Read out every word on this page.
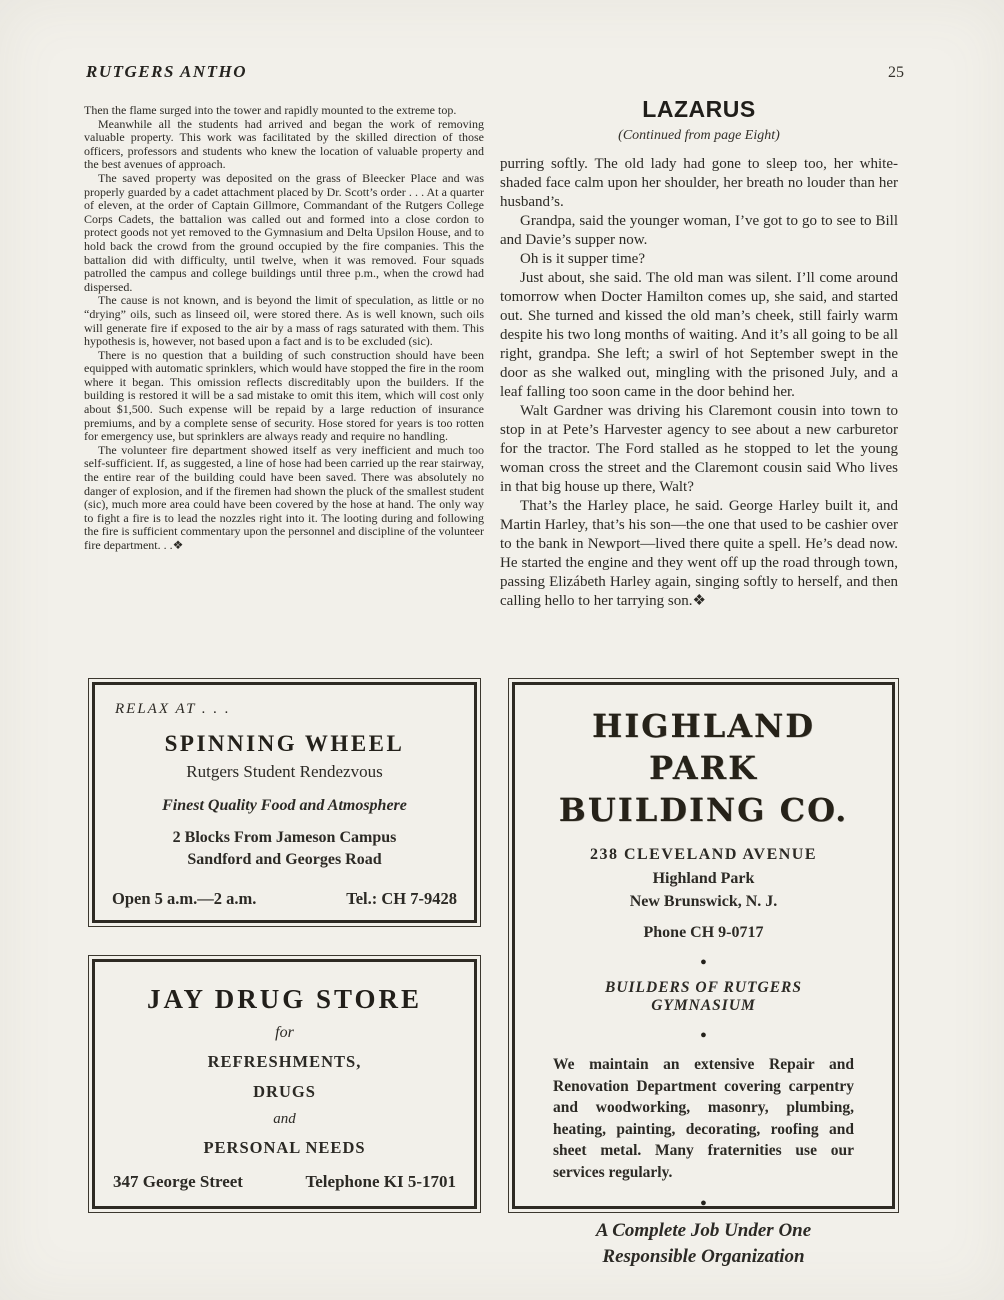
RUTGERS ANTHO	25

Then the flame surged into the tower and rapidly mounted to the extreme top.

Meanwhile all the students had arrived and began the work of removing valuable property. This work was facilitated by the skilled direction of those officers, professors and students who knew the location of valuable property and the best avenues of approach.

The saved property was deposited on the grass of Bleecker Place and was properly guarded by a cadet attachment placed by Dr. Scott’s order . . . At a quarter of eleven, at the order of Captain Gillmore, Commandant of the Rutgers College Corps Cadets, the battalion was called out and formed into a close cordon to protect goods not yet removed to the Gymnasium and Delta Upsilon House, and to hold back the crowd from the ground occupied by the fire companies. This the battalion did with difficulty, until twelve, when it was removed. Four squads patrolled the campus and college buildings until three p.m., when the crowd had dispersed.

The cause is not known, and is beyond the limit of speculation, as little or no “drying” oils, such as linseed oil, were stored there. As is well known, such oils will generate fire if exposed to the air by a mass of rags saturated with them. This hypothesis is, however, not based upon a fact and is to be excluded (sic).

There is no question that a building of such construction should have been equipped with automatic sprinklers, which would have stopped the fire in the room where it began. This omission reflects discreditably upon the builders. If the building is restored it will be a sad mistake to omit this item, which will cost only about $1,500. Such expense will be repaid by a large reduction of insurance premiums, and by a complete sense of security. Hose stored for years is too rotten for emergency use, but sprinklers are always ready and require no handling.

The volunteer fire department showed itself as very inefficient and much too self-sufficient. If, as suggested, a line of hose had been carried up the rear stairway, the entire rear of the building could have been saved. There was absolutely no danger of explosion, and if the firemen had shown the pluck of the smallest student (sic), much more area could have been covered by the hose at hand. The only way to fight a fire is to lead the nozzles right into it. The looting during and following the fire is sufficient commentary upon the personnel and discipline of the volunteer fire department. . .❖

LAZARUS
(Continued from page Eight)

purring softly. The old lady had gone to sleep too, her white-shaded face calm upon her shoulder, her breath no louder than her husband’s.

Grandpa, said the younger woman, I’ve got to go to see to Bill and Davie’s supper now.

Oh is it supper time?

Just about, she said. The old man was silent. I’ll come around tomorrow when Docter Hamilton comes up, she said, and started out. She turned and kissed the old man’s cheek, still fairly warm despite his two long months of waiting. And it’s all going to be all right, grandpa. She left; a swirl of hot September swept in the door as she walked out, mingling with the prisoned July, and a leaf falling too soon came in the door behind her.

Walt Gardner was driving his Claremont cousin into town to stop in at Pete’s Harvester agency to see about a new carburetor for the tractor. The Ford stalled as he stopped to let the young woman cross the street and the Claremont cousin said Who lives in that big house up there, Walt?

That’s the Harley place, he said. George Harley built it, and Martin Harley, that’s his son—the one that used to be cashier over to the bank in Newport—lived there quite a spell. He’s dead now. He started the engine and they went off up the road through town, passing Elizábeth Harley again, singing softly to herself, and then calling hello to her tarrying son.❖

RELAX AT . . .
SPINNING WHEEL
Rutgers Student Rendezvous
Finest Quality Food and Atmosphere
2 Blocks From Jameson Campus
Sandford and Georges Road
Open 5 a.m.—2 a.m.	Tel.: CH 7-9428
JAY DRUG STORE
for
REFRESHMENTS,
DRUGS
and
PERSONAL NEEDS
347 George Street	Telephone KI 5-1701
HIGHLAND PARK
BUILDING CO.
238 CLEVELAND AVENUE
Highland Park
New Brunswick, N. J.
Phone CH 9-0717
●
BUILDERS OF RUTGERS GYMNASIUM
●
We maintain an extensive Repair and Renovation Department covering carpentry and woodworking, masonry, plumbing, heating, painting, decorating, roofing and sheet metal. Many fraternities use our services regularly.
●
A Complete Job Under One
Responsible Organization
